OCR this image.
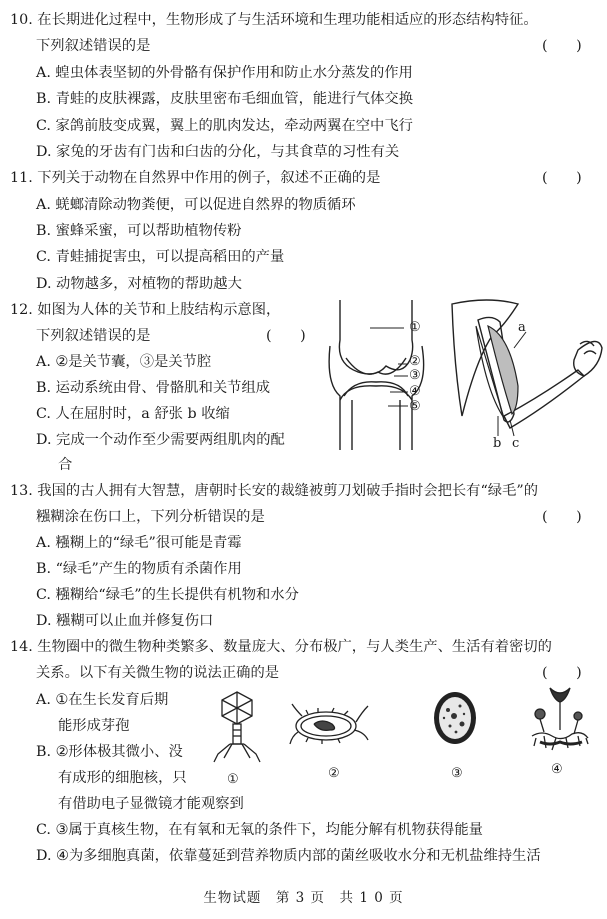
10. 在长期进化过程中，生物形成了与生活环境和生理功能相适应的形态结构特征。
下列叙述错误的是	(　　)
A. 蝗虫体表坚韧的外骨骼有保护作用和防止水分蒸发的作用
B. 青蛙的皮肤裸露，皮肤里密布毛细血管，能进行气体交换
C. 家鸽前肢变成翼，翼上的肌肉发达，牵动两翼在空中飞行
D. 家兔的牙齿有门齿和臼齿的分化，与其食草的习性有关
11. 下列关于动物在自然界中作用的例子，叙述不正确的是	(　　)
A. 蜣螂清除动物粪便，可以促进自然界的物质循环
B. 蜜蜂采蜜，可以帮助植物传粉
C. 青蛙捕捉害虫，可以提高稻田的产量
D. 动物越多，对植物的帮助越大
12. 如图为人体的关节和上肢结构示意图，
下列叙述错误的是	(　　)
A. ②是关节囊，③是关节腔
B. 运动系统由骨、骨骼肌和关节组成
C. 人在屈肘时，a 舒张 b 收缩
D. 完成一个动作至少需要两组肌肉的配
合
①
②
③
④
⑤
a
b c
13. 我国的古人拥有大智慧，唐朝时长安的裁缝被剪刀划破手指时会把长有“绿毛”的
糨糊涂在伤口上，下列分析错误的是	(　　)
A. 糨糊上的“绿毛”很可能是青霉
B. “绿毛”产生的物质有杀菌作用
C. 糨糊给“绿毛”的生长提供有机物和水分
D. 糨糊可以止血并修复伤口
14. 生物圈中的微生物种类繁多、数量庞大、分布极广，与人类生产、生活有着密切的
关系。以下有关微生物的说法正确的是	(　　)
A. ①在生长发育后期
能形成芽孢
B. ②形体极其微小、没
有成形的细胞核，只
有借助电子显微镜才能观察到
C. ③属于真核生物，在有氧和无氧的条件下，均能分解有机物获得能量
D. ④为多细胞真菌，依靠蔓延到营养物质内部的菌丝吸收水分和无机盐维持生活
①	②	③	④
生物试题　第 3 页　共 1 0 页
